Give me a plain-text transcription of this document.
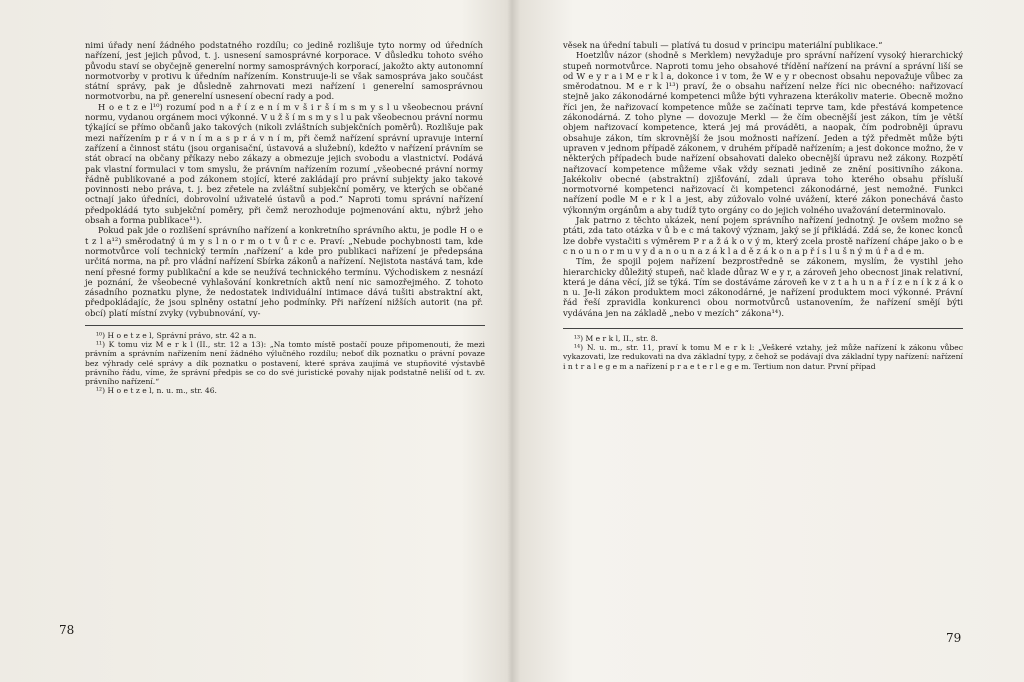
nimi úřady není žádného podstatného rozdílu; co jedině rozlišuje tyto normy od úředních nařízení, jest jejich původ, t. j. usnesení samosprávné korporace. V důsledku tohoto svého původu staví se obyčejně generelní normy samosprávných korporací, jakožto akty autonomní normotvorby v protivu k úředním nařízením. Konstruuje-li se však samospráva jako součást státní správy, pak je důsledně zahrnovati mezi nařízení i generelní samosprávnou normotvorbu, na př. generelní usnesení obecní rady a pod.

H o e t z e l¹⁰) rozumí pod n a ř í z e n í m v š i r š í m s m y s l u všeobecnou právní normu, vydanou orgánem moci výkonné. V u ž š í m s m y s l u pak všeobecnou právní normu týkající se přímo občanů jako takových (nikoli zvláštních subjekčních poměrů). Rozlišuje pak mezi nařízením p r á v n í m a s p r á v n í m, při čemž nařízení správní upravuje interní zařízení a činnost státu (jsou organisační, ústavová a služební), kdežto v nařízení právním se stát obrací na občany příkazy nebo zákazy a obmezuje jejich svobodu a vlastnictví. Podává pak vlastní formulaci v tom smyslu, že právním nařízením rozumí „všeobecné právní normy řádně publikované a pod zákonem stojící, které zakládají pro právní subjekty jako takové povinnosti nebo práva, t. j. bez zřetele na zvláštní subjekční poměry, ve kterých se občané octnají jako úředníci, dobrovolní uživatelé ústavů a pod.“ Naproti tomu správní nařízení předpokládá tyto subjekční poměry, při čemž nerozhoduje pojmenování aktu, nýbrž jeho obsah a forma publikace¹¹).

Pokud pak jde o rozlišení správního nařízení a konkretního správního aktu, je podle H o e t z l a¹²) směrodatný ú m y s l n o r m o t v ů r c e. Praví: „Nebude pochybnosti tam, kde normotvůrce volí technický termín ‚nařízení‘ a kde pro publikaci nařízení je předepsána určitá norma, na př. pro vládní nařízení Sbírka zákonů a nařízení. Nejistota nastává tam, kde není přesné formy publikační a kde se neužívá technického termínu. Východiskem z nesnází je poznání, že všeobecné vyhlašování konkretních aktů není nic samozřejmého. Z tohoto zásadního poznatku plyne, že nedostatek individuální intimace dává tušiti abstraktní akt, předpokládajíc, že jsou splněny ostatní jeho podmínky. Při nařízení nižších autorit (na př. obcí) platí místní zvyky (vybubnování, vy-

¹⁰) H o e t z e l, Správní právo, str. 42 a n.

¹¹) K tomu viz M e r k l (II., str. 12 a 13): „Na tomto místě postačí pouze připomenouti, že mezi právním a správním nařízením není žádného výlučného rozdílu; neboť dík poznatku o právní povaze bez výhrady celé správy a dík poznatku o postavení, které správa zaujímá ve stupňovité výstavbě právního řádu, víme, že správní předpis se co do své juristické povahy nijak podstatně neliší od t. zv. právního nařízení.“

¹²) H o e t z e l, n. u. m., str. 46.

78

věsek na úřední tabuli — platívá tu dosud v principu materiální publikace.“

Hoetzlův názor (shodně s Merklem) nevyžaduje pro správní nařízení vysoký hierarchický stupeň normotvůrce. Naproti tomu jeho obsahové třídění nařízení na právní a správní liší se od W e y r a i M e r k l a, dokonce i v tom, že W e y r obecnost obsahu nepovažuje vůbec za směrodatnou. M e r k l¹³) praví, že o obsahu nařízení nelze říci nic obecného: nařizovací stejně jako zákonodárné kompetenci může býti vyhrazena kterákoliv materie. Obecně možno říci jen, že nařizovací kompetence může se začínati teprve tam, kde přestává kompetence zákonodárná. Z toho plyne — dovozuje Merkl — že čím obecnější jest zákon, tím je větší objem nařizovací kompetence, která jej má prováděti, a naopak, čím podrobněji úpravu obsahuje zákon, tím skrovnější že jsou možnosti nařízení. Jeden a týž předmět může býti upraven v jednom případě zákonem, v druhém případě nařízením; a jest dokonce možno, že v některých případech bude nařízení obsahovati daleko obecnější úpravu než zákony. Rozpětí nařizovací kompetence můžeme však vždy seznati jedině ze znění positivního zákona. Jakékoliv obecné (abstraktní) zjišťování, zdali úprava toho kterého obsahu přísluší normotvorné kompetenci nařizovací či kompetenci zákonodárné, jest nemožné. Funkci nařízení podle M e r k l a jest, aby zúžovalo volné uvážení, které zákon ponechává často výkonným orgánům a aby tudíž tyto orgány co do jejich volného uvažování determinovalo.

Jak patrno z těchto ukázek, není pojem správního nařízení jednotný. Je ovšem možno se ptáti, zda tato otázka v ů b e c má takový význam, jaký se jí přikládá. Zdá se, že konec konců lze dobře vystačiti s výměrem P r a ž á k o v ý m, který zcela prostě nařízení chápe jako o b e c n o u n o r m u v y d a n o u n a z á k l a d ě z á k o n a p ř í s l u š n ý m ú ř a d e m.

Tím, že spojil pojem nařízení bezprostředně se zákonem, myslím, že vystihl jeho hierarchicky důležitý stupeň, nač klade důraz W e y r, a zároveň jeho obecnost jinak relativní, která je dána věcí, jíž se týká. Tím se dostáváme zároveň ke v z t a h u n a ř í z e n í k z á k o n u. Je-li zákon produktem moci zákonodárné, je nařízení produktem moci výkonné. Právní řád řeší zpravidla konkurenci obou normotvůrců ustanovením, že nařízení smějí býti vydávána jen na základě „nebo v mezích“ zákona¹⁴).

¹³) M e r k l, II., str. 8.

¹⁴) N. u. m., str. 11, praví k tomu M e r k l: „Veškeré vztahy, jež může nařízení k zákonu vůbec vykazovati, lze redukovati na dva základní typy, z čehož se podávají dva základní typy nařízení: nařízení i n t r a l e g e m a nařízení p r a e t e r l e g e m. Tertium non datur. První případ

79
